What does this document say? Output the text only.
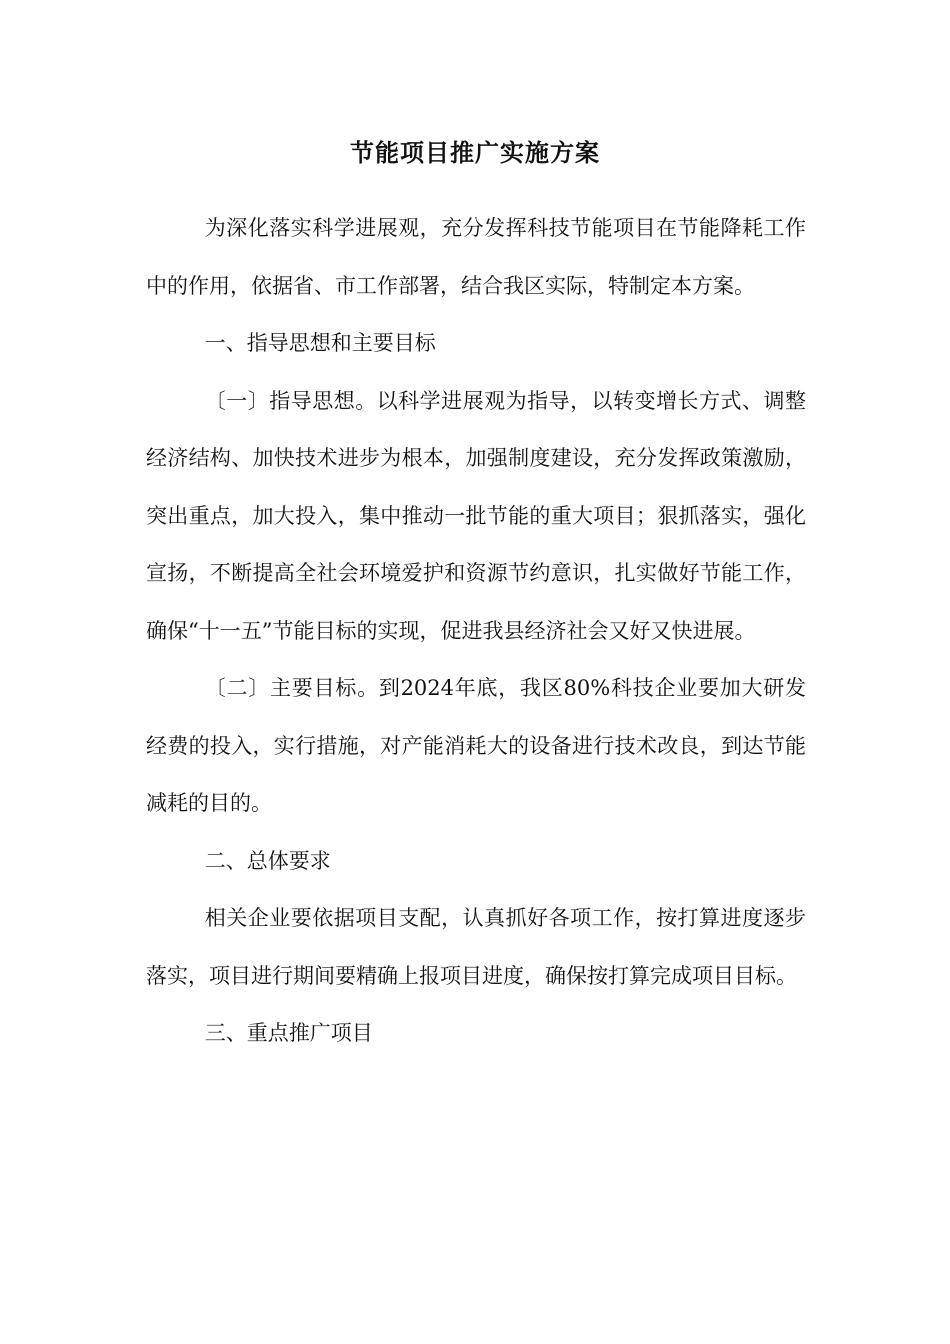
节能项目推广实施方案

为深化落实科学进展观，充分发挥科技节能项目在节能降耗工作中的作用，依据省、市工作部署，结合我区实际，特制定本方案。

一、指导思想和主要目标

〔一〕指导思想。以科学进展观为指导，以转变增长方式、调整经济结构、加快技术进步为根本，加强制度建设，充分发挥政策激励，突出重点，加大投入，集中推动一批节能的重大项目；狠抓落实，强化宣扬，不断提高全社会环境爱护和资源节约意识，扎实做好节能工作，确保“十一五”节能目标的实现，促进我县经济社会又好又快进展。

〔二〕主要目标。到2024年底，我区80%科技企业要加大研发经费的投入，实行措施，对产能消耗大的设备进行技术改良，到达节能减耗的目的。

二、总体要求

相关企业要依据项目支配，认真抓好各项工作，按打算进度逐步落实，项目进行期间要精确上报项目进度，确保按打算完成项目目标。

三、重点推广项目
